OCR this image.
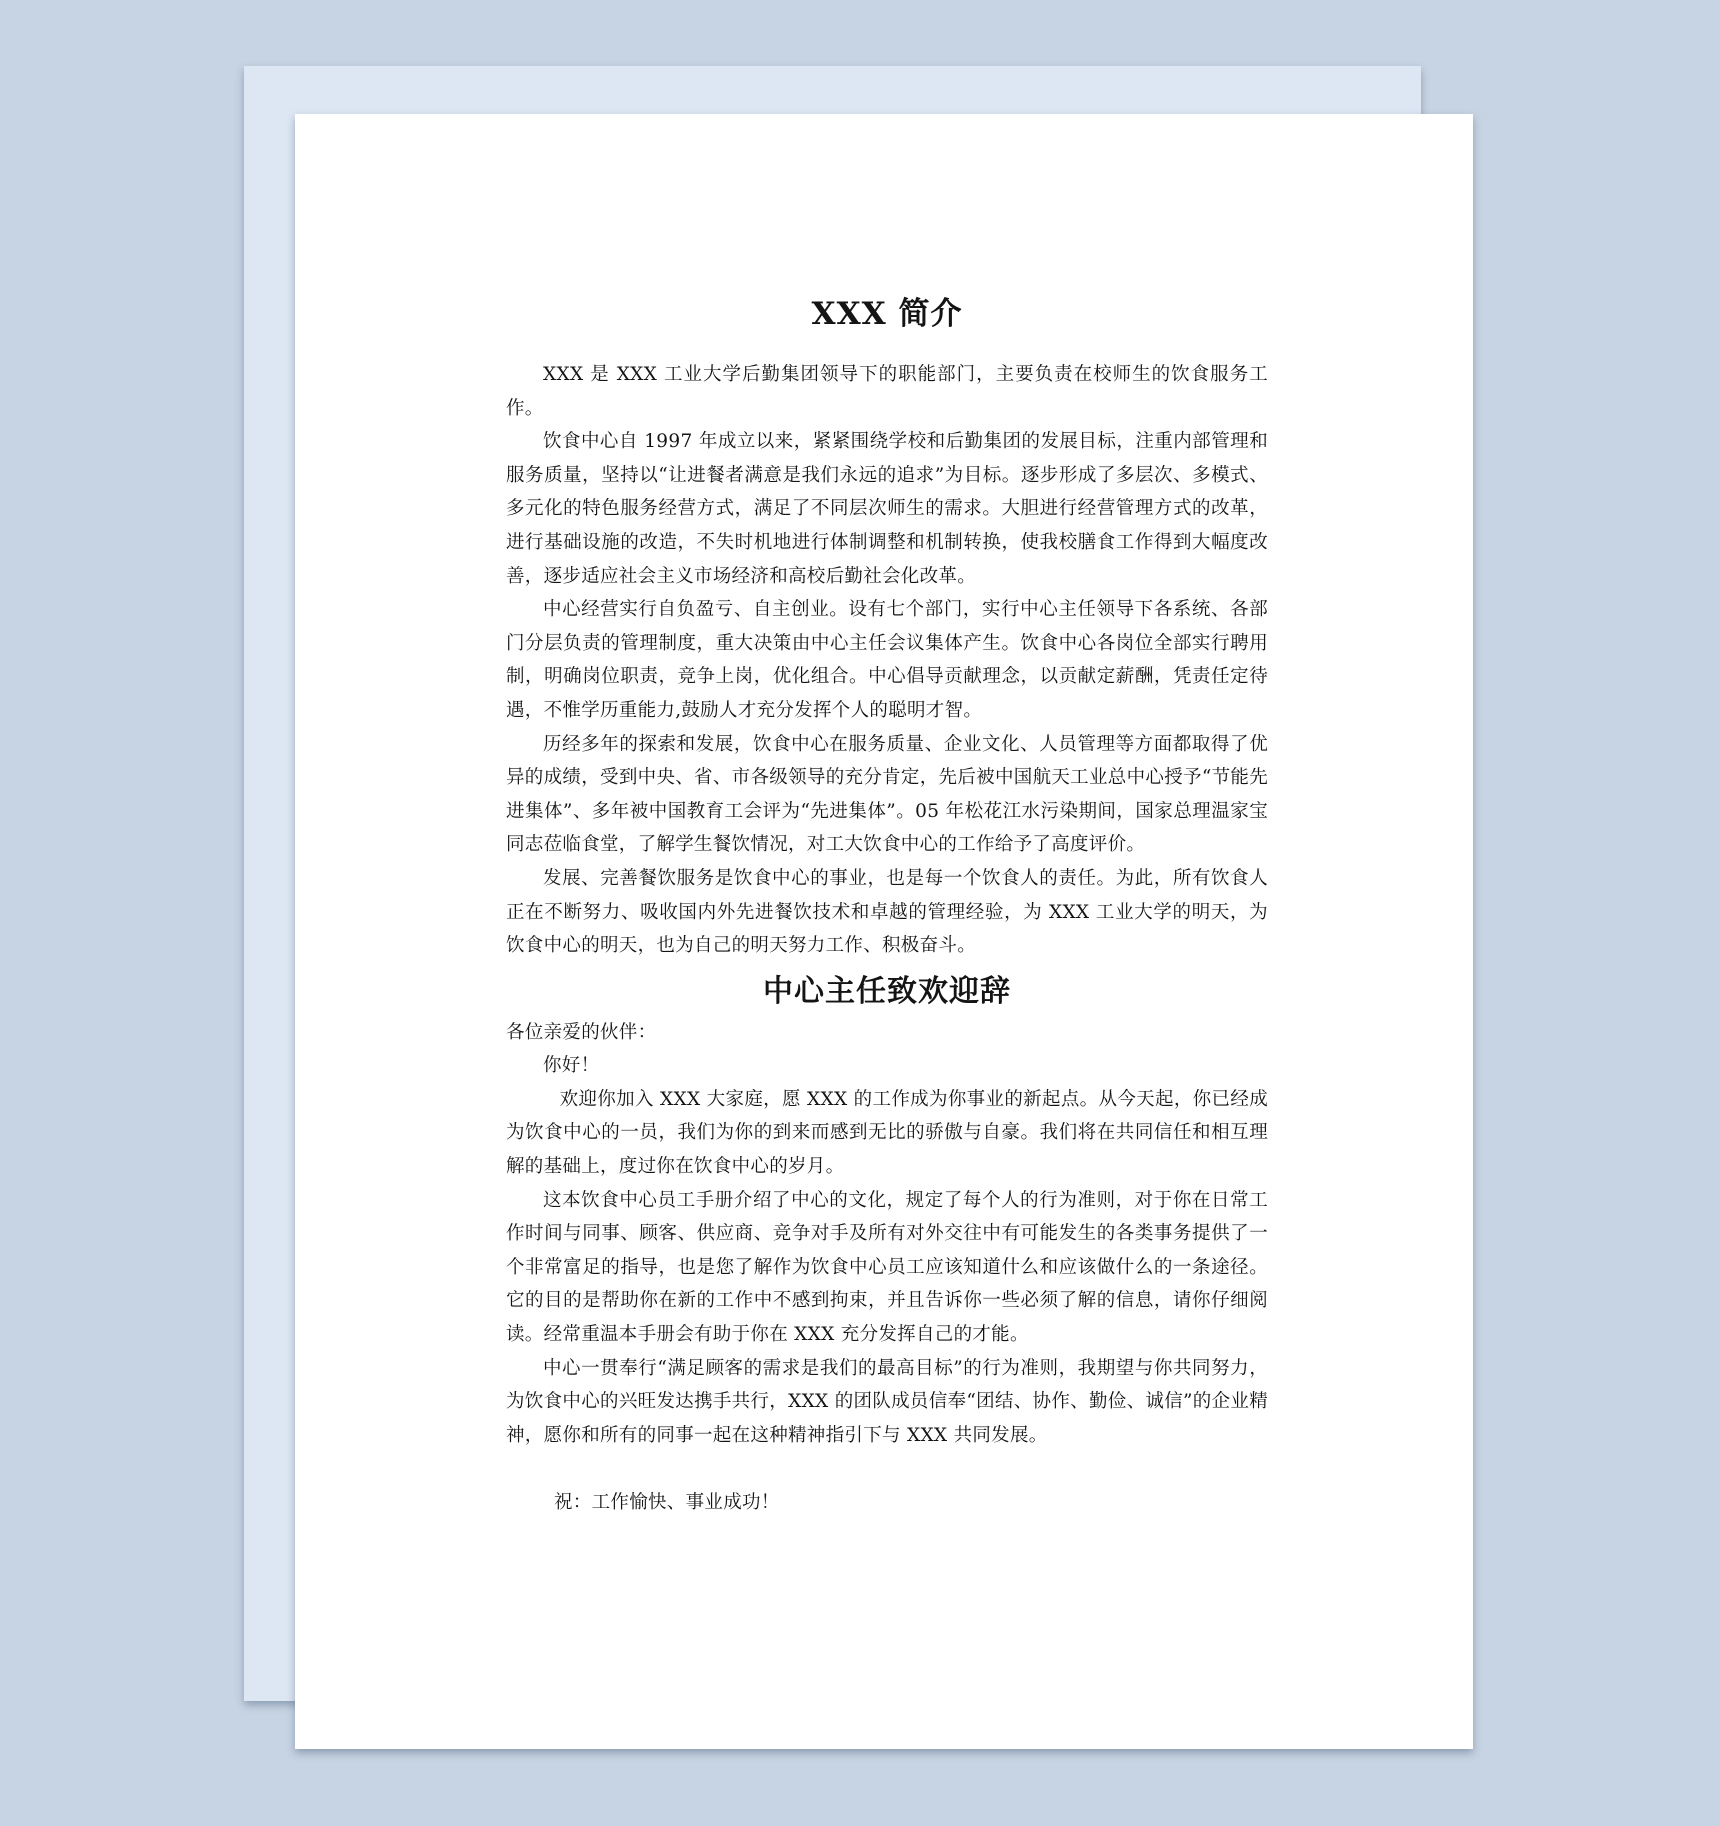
XXX 简介

XXX 是 XXX 工业大学后勤集团领导下的职能部门，主要负责在校师生的饮食服务工作。

饮食中心自 1997 年成立以来，紧紧围绕学校和后勤集团的发展目标，注重内部管理和服务质量，坚持以“让进餐者满意是我们永远的追求”为目标。逐步形成了多层次、多模式、多元化的特色服务经营方式，满足了不同层次师生的需求。大胆进行经营管理方式的改革，进行基础设施的改造，不失时机地进行体制调整和机制转换，使我校膳食工作得到大幅度改善，逐步适应社会主义市场经济和高校后勤社会化改革。

中心经营实行自负盈亏、自主创业。设有七个部门，实行中心主任领导下各系统、各部门分层负责的管理制度，重大决策由中心主任会议集体产生。饮食中心各岗位全部实行聘用制，明确岗位职责，竞争上岗，优化组合。中心倡导贡献理念，以贡献定薪酬，凭责任定待遇，不惟学历重能力,鼓励人才充分发挥个人的聪明才智。

历经多年的探索和发展，饮食中心在服务质量、企业文化、人员管理等方面都取得了优异的成绩，受到中央、省、市各级领导的充分肯定，先后被中国航天工业总中心授予“节能先进集体”、多年被中国教育工会评为“先进集体”。05 年松花江水污染期间，国家总理温家宝同志莅临食堂，了解学生餐饮情况，对工大饮食中心的工作给予了高度评价。

发展、完善餐饮服务是饮食中心的事业，也是每一个饮食人的责任。为此，所有饮食人正在不断努力、吸收国内外先进餐饮技术和卓越的管理经验，为 XXX 工业大学的明天，为饮食中心的明天，也为自己的明天努力工作、积极奋斗。

中心主任致欢迎辞

各位亲爱的伙伴：

你好！

欢迎你加入 XXX 大家庭，愿 XXX 的工作成为你事业的新起点。从今天起，你已经成为饮食中心的一员，我们为你的到来而感到无比的骄傲与自豪。我们将在共同信任和相互理解的基础上，度过你在饮食中心的岁月。

这本饮食中心员工手册介绍了中心的文化，规定了每个人的行为准则，对于你在日常工作时间与同事、顾客、供应商、竞争对手及所有对外交往中有可能发生的各类事务提供了一个非常富足的指导，也是您了解作为饮食中心员工应该知道什么和应该做什么的一条途径。它的目的是帮助你在新的工作中不感到拘束，并且告诉你一些必须了解的信息，请你仔细阅读。经常重温本手册会有助于你在 XXX 充分发挥自己的才能。

中心一贯奉行“满足顾客的需求是我们的最高目标”的行为准则，我期望与你共同努力，为饮食中心的兴旺发达携手共行，XXX 的团队成员信奉“团结、协作、勤俭、诚信”的企业精神，愿你和所有的同事一起在这种精神指引下与 XXX 共同发展。

祝：工作愉快、事业成功！
